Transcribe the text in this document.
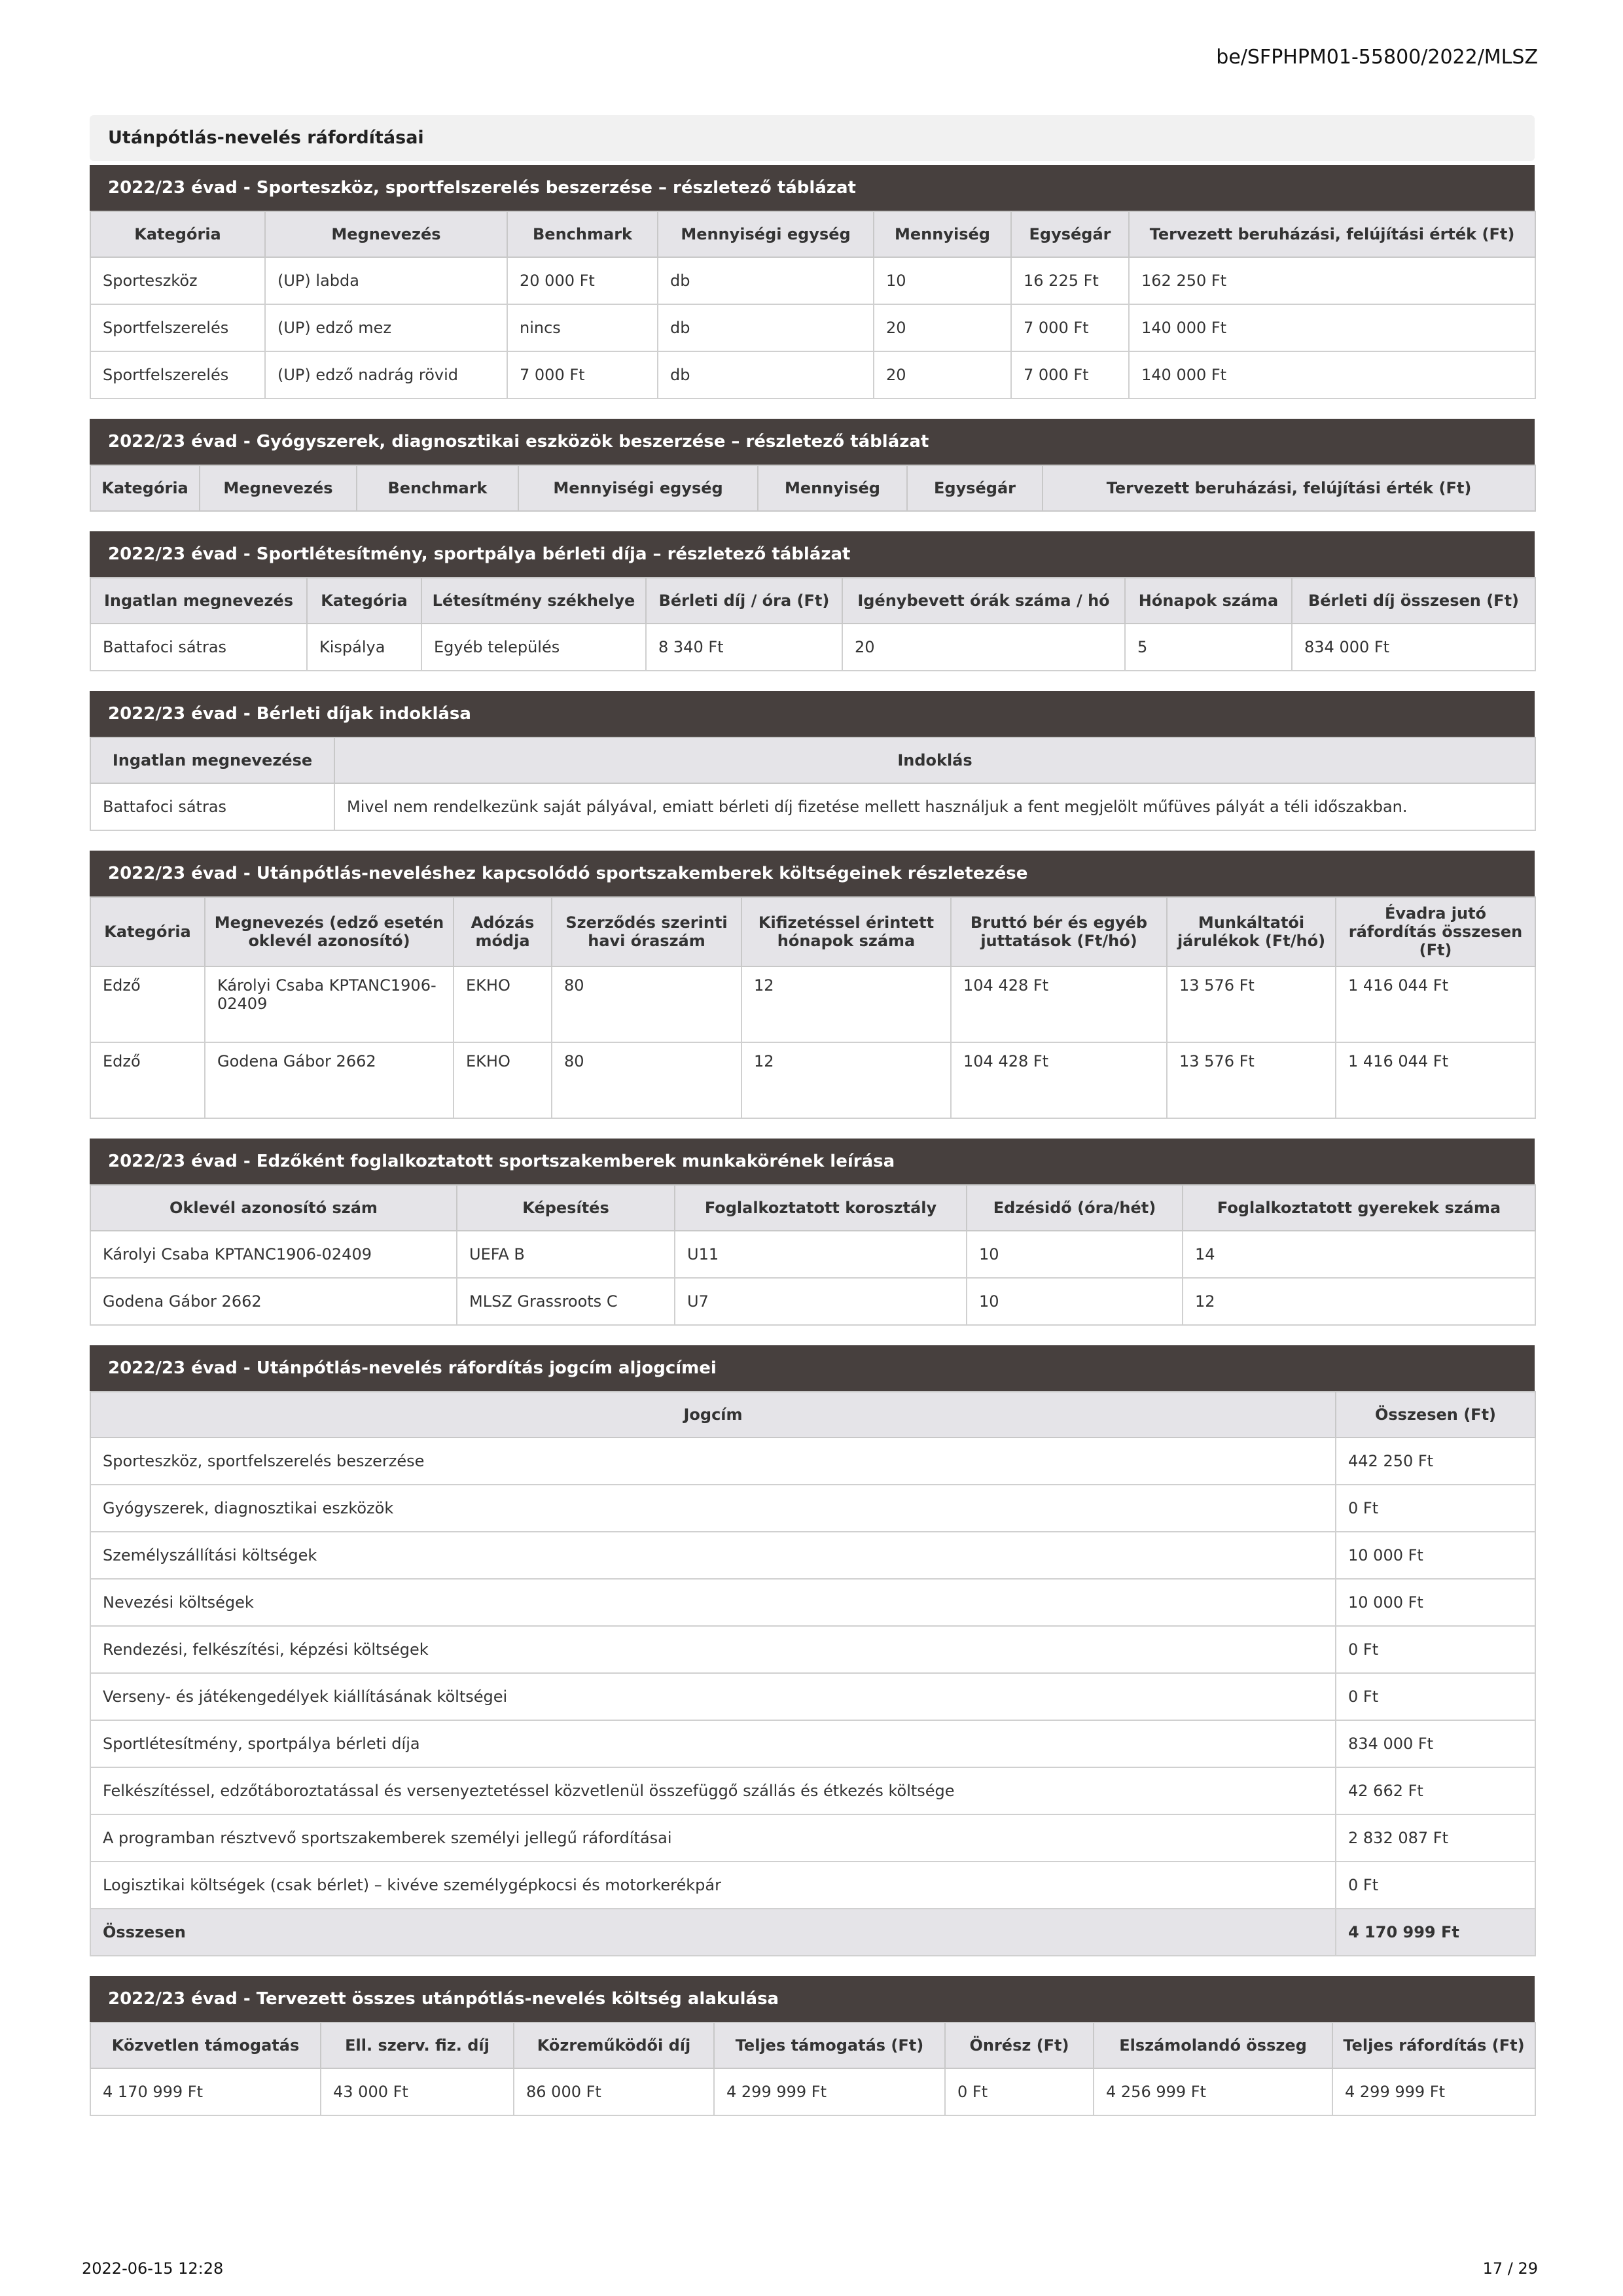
be/SFPHPM01-55800/2022/MLSZ
Utánpótlás-nevelés ráfordításai
2022/23 évad - Sporteszköz, sportfelszerelés beszerzése – részletező táblázat
Kategória	Megnevezés	Benchmark	Mennyiségi egység	Mennyiség	Egységár	Tervezett beruházási, felújítási érték (Ft)
Sporteszköz	(UP) labda	20 000 Ft	db	10	16 225 Ft	162 250 Ft
Sportfelszerelés	(UP) edző mez	nincs	db	20	7 000 Ft	140 000 Ft
Sportfelszerelés	(UP) edző nadrág rövid	7 000 Ft	db	20	7 000 Ft	140 000 Ft
2022/23 évad - Gyógyszerek, diagnosztikai eszközök beszerzése – részletező táblázat
Kategória	Megnevezés	Benchmark	Mennyiségi egység	Mennyiség	Egységár	Tervezett beruházási, felújítási érték (Ft)
2022/23 évad - Sportlétesítmény, sportpálya bérleti díja – részletező táblázat
Ingatlan megnevezés	Kategória	Létesítmény székhelye	Bérleti díj / óra (Ft)	Igénybevett órák száma / hó	Hónapok száma	Bérleti díj összesen (Ft)
Battafoci sátras	Kispálya	Egyéb település	8 340 Ft	20	5	834 000 Ft
2022/23 évad - Bérleti díjak indoklása
Ingatlan megnevezése	Indoklás
Battafoci sátras	Mivel nem rendelkezünk saját pályával, emiatt bérleti díj fizetése mellett használjuk a fent megjelölt műfüves pályát a téli időszakban.
2022/23 évad - Utánpótlás-neveléshez kapcsolódó sportszakemberek költségeinek részletezése
Kategória	Megnevezés (edző esetén oklevél azonosító)	Adózás módja	Szerződés szerinti havi óraszám	Kifizetéssel érintett hónapok száma	Bruttó bér és egyéb juttatások (Ft/hó)	Munkáltatói járulékok (Ft/hó)	Évadra jutó ráfordítás összesen (Ft)
Edző	Károlyi Csaba KPTANC1906-02409	EKHO	80	12	104 428 Ft	13 576 Ft	1 416 044 Ft
Edző	Godena Gábor 2662	EKHO	80	12	104 428 Ft	13 576 Ft	1 416 044 Ft
2022/23 évad - Edzőként foglalkoztatott sportszakemberek munkakörének leírása
Oklevél azonosító szám	Képesítés	Foglalkoztatott korosztály	Edzésidő (óra/hét)	Foglalkoztatott gyerekek száma
Károlyi Csaba KPTANC1906-02409	UEFA B	U11	10	14
Godena Gábor 2662	MLSZ Grassroots C	U7	10	12
2022/23 évad - Utánpótlás-nevelés ráfordítás jogcím aljogcímei
Jogcím	Összesen (Ft)
Sporteszköz, sportfelszerelés beszerzése	442 250 Ft
Gyógyszerek, diagnosztikai eszközök	0 Ft
Személyszállítási költségek	10 000 Ft
Nevezési költségek	10 000 Ft
Rendezési, felkészítési, képzési költségek	0 Ft
Verseny- és játékengedélyek kiállításának költségei	0 Ft
Sportlétesítmény, sportpálya bérleti díja	834 000 Ft
Felkészítéssel, edzőtáboroztatással és versenyeztetéssel közvetlenül összefüggő szállás és étkezés költsége	42 662 Ft
A programban résztvevő sportszakemberek személyi jellegű ráfordításai	2 832 087 Ft
Logisztikai költségek (csak bérlet) – kivéve személygépkocsi és motorkerékpár	0 Ft
Összesen	4 170 999 Ft
2022/23 évad - Tervezett összes utánpótlás-nevelés költség alakulása
Közvetlen támogatás	Ell. szerv. fiz. díj	Közreműködői díj	Teljes támogatás (Ft)	Önrész (Ft)	Elszámolandó összeg	Teljes ráfordítás (Ft)
4 170 999 Ft	43 000 Ft	86 000 Ft	4 299 999 Ft	0 Ft	4 256 999 Ft	4 299 999 Ft
2022-06-15 12:28	17 / 29
